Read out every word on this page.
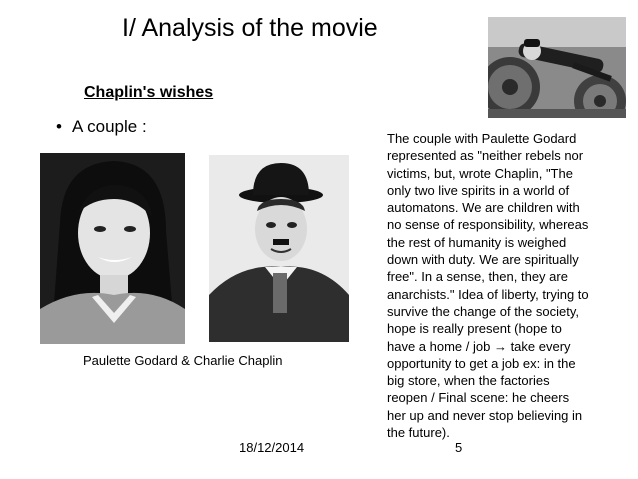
I/ Analysis of the movie
Chaplin's wishes
• A couple :
Paulette Godard & Charlie Chaplin
The couple with Paulette Godard
represented as "neither rebels nor
victims, but, wrote Chaplin, "The
only two live spirits in a world of
automatons. We are children with
no sense of responsibility, whereas
the rest of humanity is weighed
down with duty. We are spiritually
free". In a sense, then, they are
anarchists." Idea of liberty, trying to
survive the change of the society,
hope is really present (hope to
have a home / job → take every
opportunity to get a job ex: in the
big store, when the factories
reopen / Final scene: he cheers
her up and never stop believing in
the future).
18/12/2014	5
